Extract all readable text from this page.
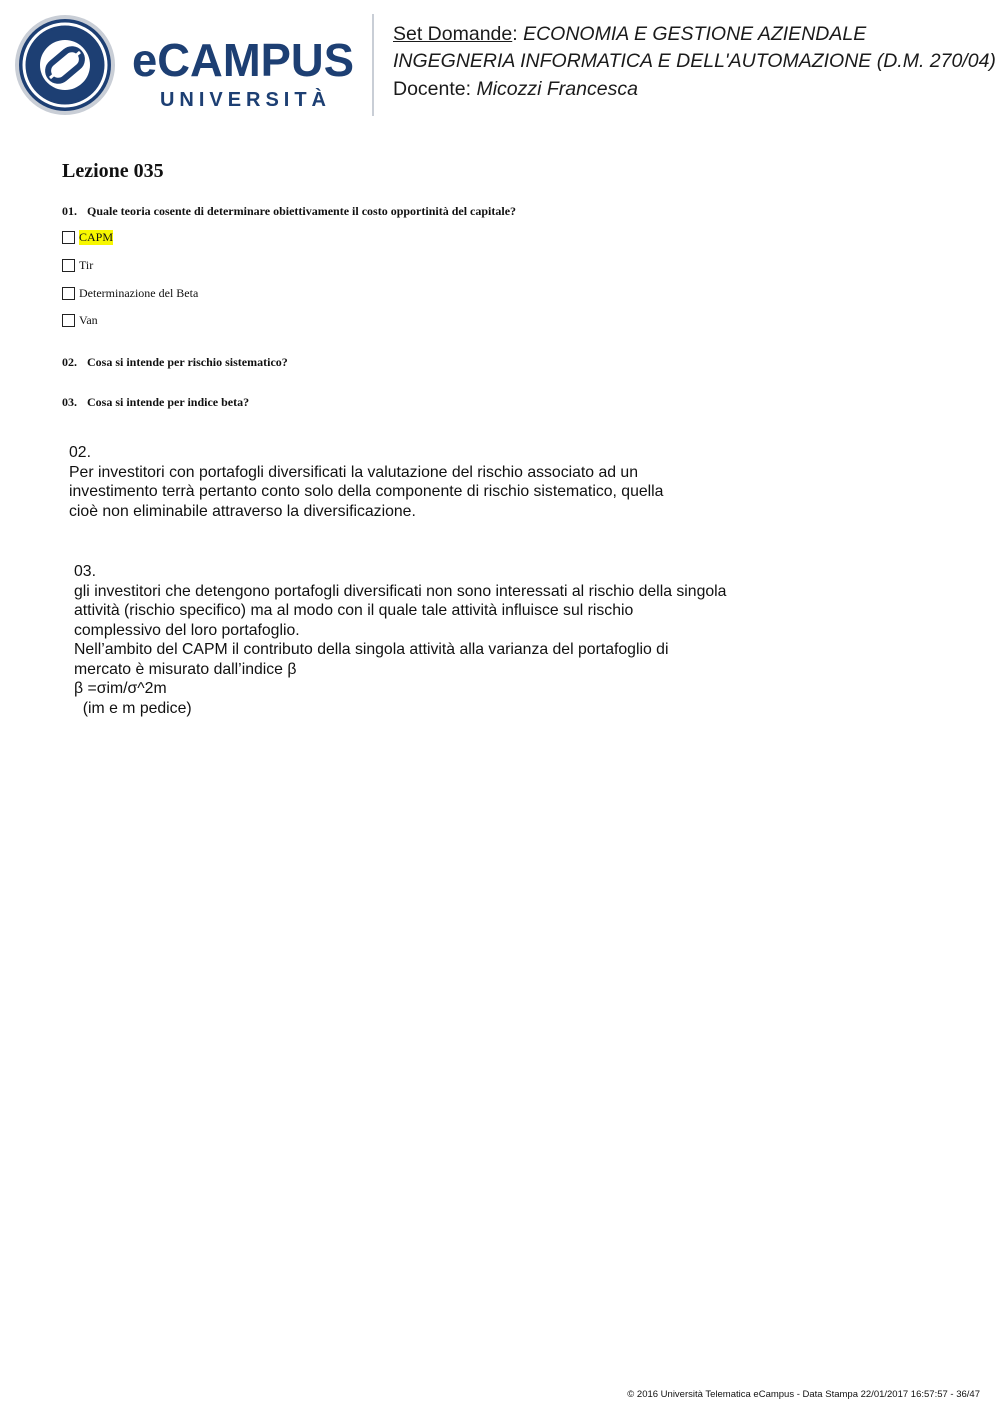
eCAMPUS
UNIVERSITÀ
Set Domande: ECONOMIA E GESTIONE AZIENDALE
INGEGNERIA INFORMATICA E DELL'AUTOMAZIONE (D.M. 270/04)
Docente: Micozzi Francesca
Lezione 035
01. Quale teoria cosente di determinare obiettivamente il costo opportinità del capitale?
CAPM
Tir
Determinazione del Beta
Van
02. Cosa si intende per rischio sistematico?
03. Cosa si intende per indice beta?
02.
Per investitori con portafogli diversificati la valutazione del rischio associato ad un
investimento terrà pertanto conto solo della componente di rischio sistematico, quella
cioè non eliminabile attraverso la diversificazione.
03.
gli investitori che detengono portafogli diversificati non sono interessati al rischio della singola
attività (rischio specifico) ma al modo con il quale tale attività influisce sul rischio
complessivo del loro portafoglio.
Nell’ambito del CAPM il contributo della singola attività alla varianza del portafoglio di
mercato è misurato dall’indice β
β =σim/σ^2m
(im e m pedice)
© 2016 Università Telematica eCampus - Data Stampa 22/01/2017 16:57:57 - 36/47
